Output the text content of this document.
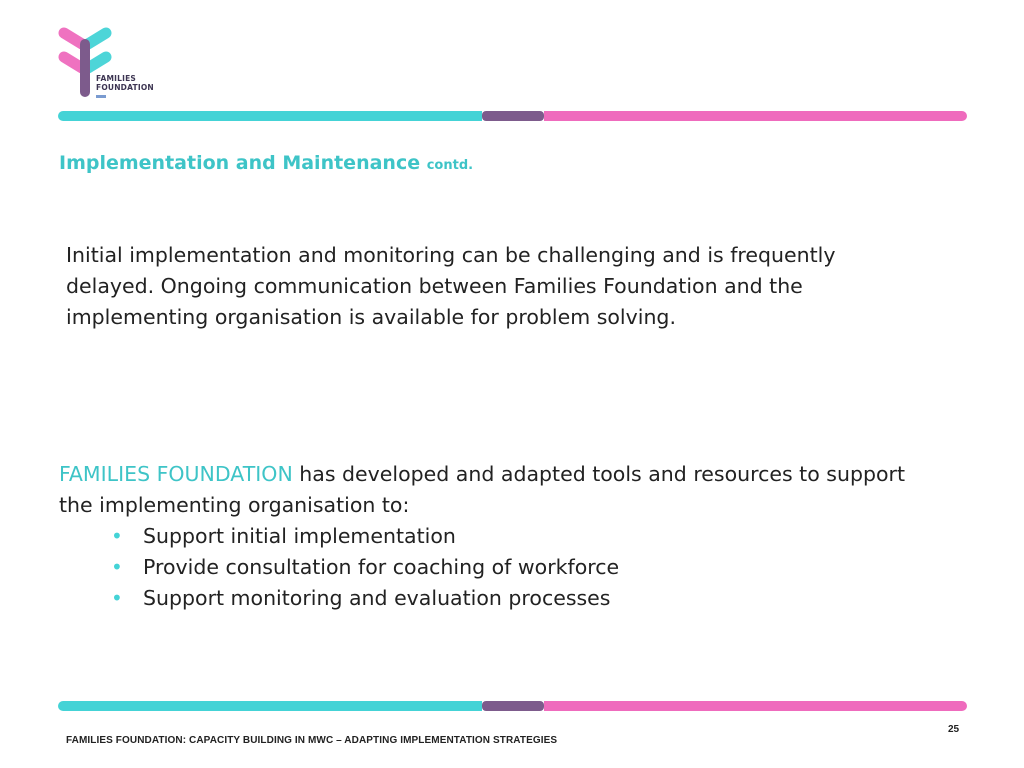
FAMILIES
FOUNDATION
Implementation and Maintenance contd.
Initial implementation and monitoring can be challenging and is frequently
delayed. Ongoing communication between Families Foundation and the
implementing organisation is available for problem solving.
FAMILIES FOUNDATION has developed and adapted tools and resources to support
the implementing organisation to:
• Support initial implementation
• Provide consultation for coaching of workforce
• Support monitoring and evaluation processes
25
FAMILIES FOUNDATION: CAPACITY BUILDING IN MWC – ADAPTING IMPLEMENTATION STRATEGIES
